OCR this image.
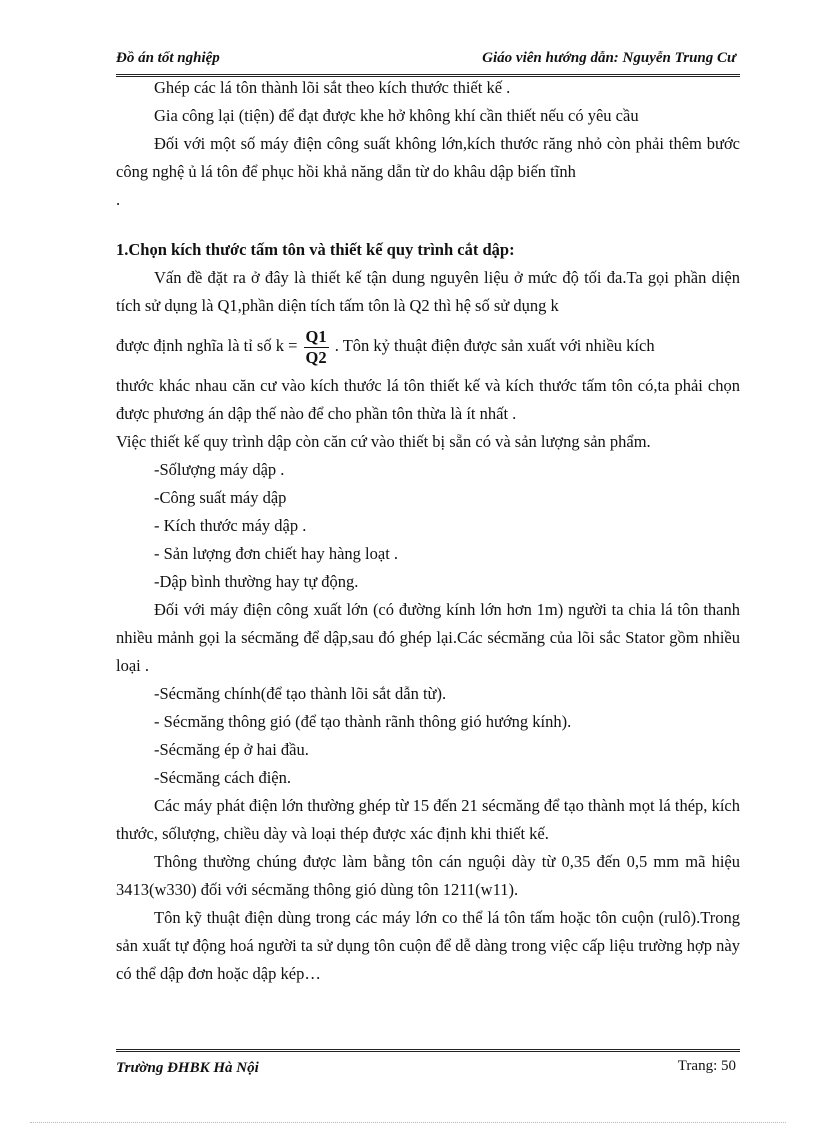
Đồ án tốt nghiệp	Giáo viên hướng dẫn: Nguyễn Trung Cư

Ghép các lá tôn thành lõi sắt theo kích thước thiết kế .

Gia công lại (tiện) để đạt được khe hở không khí cần thiết nếu có yêu cầu

Đối với một số máy điện công suất không lớn,kích thước răng nhỏ còn phải thêm bước công nghệ ủ lá tôn để phục hồi khả năng dẫn từ do khâu dập biến tĩnh

.

1.Chọn kích thước tấm tôn và thiết kế quy trình cắt dập:

Vấn đề đặt ra ở đây là thiết kế tận dung nguyên liệu ở mức độ tối đa.Ta gọi phần diện tích sử dụng là Q1,phần diện tích tấm tôn là Q2 thì hệ số sử dụng k

được định nghĩa là tỉ số $k = \frac{Q1}{Q2}$ . Tôn kỷ thuật điện được sản xuất với nhiều kích

thước khác nhau căn cư vào kích thước lá tôn thiết kế và kích thước tấm tôn có,ta phải chọn được phương án dập thế nào để cho phần tôn thừa là ít nhất .

Việc thiết kế quy trình dập còn căn cứ vào thiết bị sẵn có và sản lượng sản phẩm.

-Sốlượng máy dập .

-Công suất máy dập

- Kích thước máy dập .

- Sản lượng đơn chiết hay hàng loạt .

-Dập bình thường hay tự động.

Đối với máy điện công xuất lớn (có đường kính lớn hơn 1m) người ta chia lá tôn thanh nhiều mảnh gọi la sécmăng để dập,sau đó ghép lại.Các sécmăng của lõi sắc Stator gồm nhiều loại .

-Sécmăng chính(để tạo thành lõi sắt dẫn từ).

- Sécmăng thông gió (để tạo thành rãnh thông gió hướng kính).

-Sécmăng ép ở hai đầu.

-Sécmăng cách điện.

Các máy phát điện lớn thường ghép từ 15 đến 21 sécmăng để tạo thành mọt lá thép, kích thước, sốlượng, chiều dày và loại thép được xác định khi thiết kế.

Thông thường chúng được làm bằng tôn cán nguội dày từ 0,35 đến 0,5 mm mã hiệu 3413(w330) đối với sécmăng thông gió dùng tôn 1211(w11).

Tôn kỹ thuật điện dùng trong các máy lớn co thể lá tôn tấm hoặc tôn cuộn (rulô).Trong sản xuất tự động hoá người ta sử dụng tôn cuộn để dễ dàng trong việc cấp liệu trường hợp này có thể dập đơn hoặc dập kép…

Trường ĐHBK Hà Nội	Trang: 50
